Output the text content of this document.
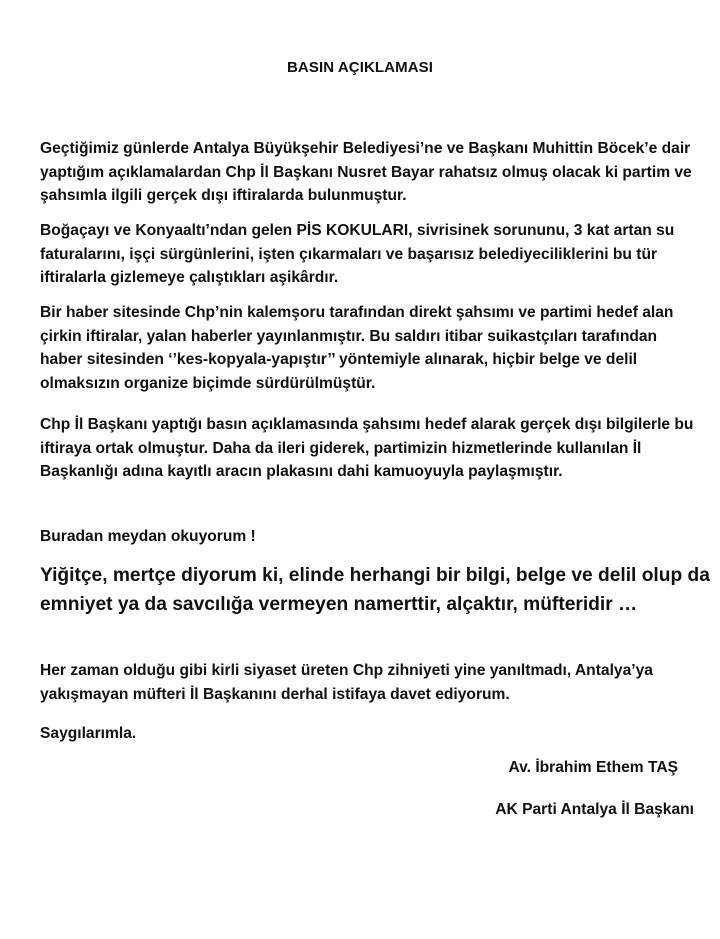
BASIN AÇIKLAMASI

Geçtiğimiz günlerde Antalya Büyükşehir Belediyesi’ne ve Başkanı Muhittin Böcek’e dair yaptığım açıklamalardan Chp İl Başkanı Nusret Bayar rahatsız olmuş olacak ki partim ve şahsımla ilgili gerçek dışı iftiralarda bulunmuştur.

Boğaçayı ve Konyaaltı’ndan gelen PİS KOKULARI, sivrisinek sorununu, 3 kat artan su faturalarını, işçi sürgünlerini, işten çıkarmaları ve başarısız belediyeciliklerini bu tür iftiralarla gizlemeye çalıştıkları aşikârdır.

Bir haber sitesinde Chp’nin kalemşoru tarafından direkt şahsımı ve partimi hedef alan çirkin iftiralar, yalan haberler yayınlanmıştır. Bu saldırı itibar suikastçıları tarafından haber sitesinden ‘’kes-kopyala-yapıştır’’ yöntemiyle alınarak, hiçbir belge ve delil olmaksızın organize biçimde sürdürülmüştür.

Chp İl Başkanı yaptığı basın açıklamasında şahsımı hedef alarak gerçek dışı bilgilerle bu iftiraya ortak olmuştur. Daha da ileri giderek, partimizin hizmetlerinde kullanılan İl Başkanlığı adına kayıtlı aracın plakasını dahi kamuoyuyla paylaşmıştır.

Buradan meydan okuyorum !

Yiğitçe, mertçe diyorum ki, elinde herhangi bir bilgi, belge ve delil olup da emniyet ya da savcılığa vermeyen namerttir, alçaktır, müfteridir …

Her zaman olduğu gibi kirli siyaset üreten Chp zihniyeti yine yanıltmadı, Antalya’ya yakışmayan müfteri İl Başkanını derhal istifaya davet ediyorum.

Saygılarımla.

Av. İbrahim Ethem TAŞ
AK Parti Antalya İl Başkanı
